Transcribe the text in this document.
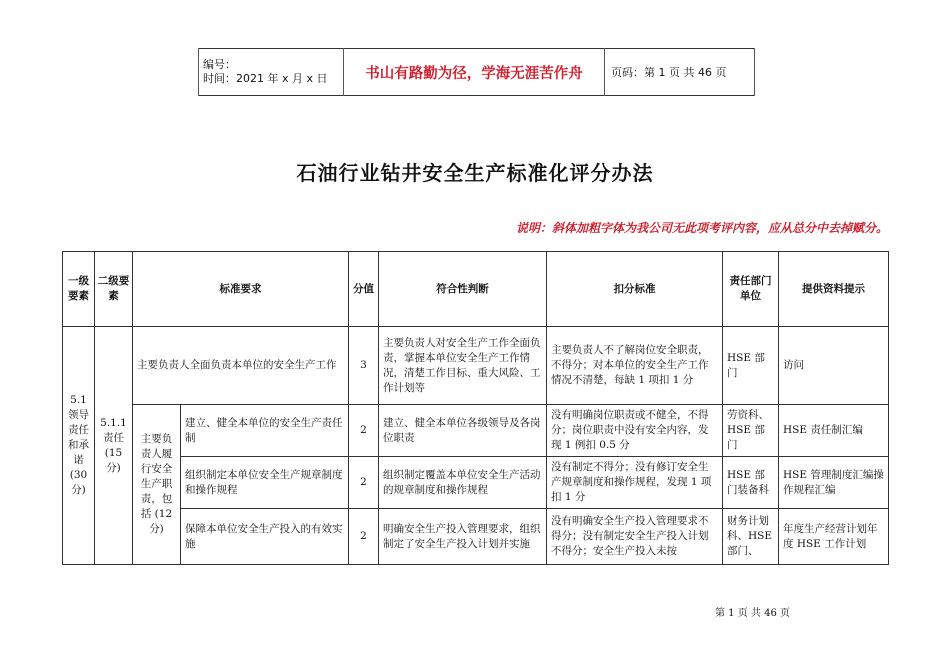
编号：
时间：2021 年 x 月 x 日	书山有路勤为径，学海无涯苦作舟	页码：第 1 页 共 46 页
石油行业钻井安全生产标准化评分办法
说明：斜体加粗字体为我公司无此项考评内容，应从总分中去掉赋分。
一级要素	二级要素	标准要求		分值	符合性判断	扣分标准	责任部门单位	提供资料提示
5.1 领导责任和承诺 (30 分)	5.1.1 责任 (15 分)	主要负责人全面负责本单位的安全生产工作		3	主要负责人对安全生产工作全面负责，掌握本单位安全生产工作情况，清楚工作目标、重大风险、工作计划等	主要负责人不了解岗位安全职责，不得分；对本单位的安全生产工作情况不清楚，每缺 1 项扣 1 分	HSE 部门	访问
		主要负责人履行安全生产职责，包括 (12 分)	建立、健全本单位的安全生产责任制	2	建立、健全本单位各级领导及各岗位职责	没有明确岗位职责或不健全，不得分；岗位职责中没有安全内容，发现 1 例扣 0.5 分	劳资科、HSE 部门	HSE 责任制汇编
			组织制定本单位安全生产规章制度和操作规程	2	组织制定覆盖本单位安全生产活动的规章制度和操作规程	没有制定不得分；没有修订安全生产规章制度和操作规程，发现 1 项扣 1 分	HSE 部门装备科	HSE 管理制度汇编操作规程汇编
			保障本单位安全生产投入的有效实施	2	明确安全生产投入管理要求，组织制定了安全生产投入计划并实施	没有明确安全生产投入管理要求不得分；没有制定安全生产投入计划不得分；安全生产投入未按	财务计划科、HSE 部门、	年度生产经营计划年度 HSE 工作计划
第 1 页 共 46 页
